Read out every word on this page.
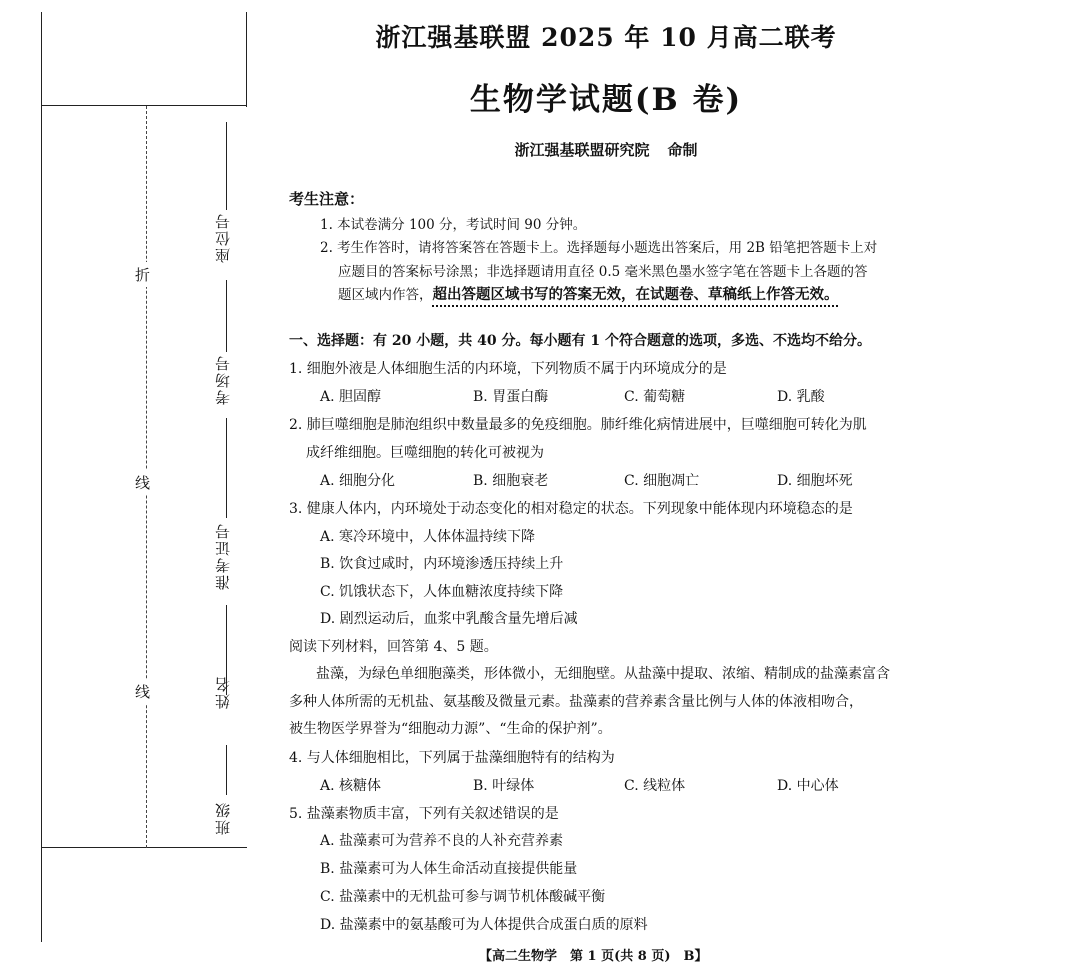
折
线
线
座位号
考场号
准考证号
姓名
班级
浙江强基联盟 2025 年 10 月高二联考
生物学试题(B 卷)
浙江强基联盟研究院 命制
考生注意：
1. 本试卷满分 100 分，考试时间 90 分钟。
2. 考生作答时，请将答案答在答题卡上。选择题每小题选出答案后，用 2B 铅笔把答题卡上对
应题目的答案标号涂黑；非选择题请用直径 0.5 毫米黑色墨水签字笔在答题卡上各题的答
题区域内作答，超出答题区域书写的答案无效，在试题卷、草稿纸上作答无效。
一、选择题：有 20 小题，共 40 分。每小题有 1 个符合题意的选项，多选、不选均不给分。
1. 细胞外液是人体细胞生活的内环境，下列物质不属于内环境成分的是
A. 胆固醇	B. 胃蛋白酶	C. 葡萄糖	D. 乳酸
2. 肺巨噬细胞是肺泡组织中数量最多的免疫细胞。肺纤维化病情进展中，巨噬细胞可转化为肌
成纤维细胞。巨噬细胞的转化可被视为
A. 细胞分化	B. 细胞衰老	C. 细胞凋亡	D. 细胞坏死
3. 健康人体内，内环境处于动态变化的相对稳定的状态。下列现象中能体现内环境稳态的是
A. 寒冷环境中，人体体温持续下降
B. 饮食过咸时，内环境渗透压持续上升
C. 饥饿状态下，人体血糖浓度持续下降
D. 剧烈运动后，血浆中乳酸含量先增后减
阅读下列材料，回答第 4、5 题。
盐藻，为绿色单细胞藻类，形体微小，无细胞壁。从盐藻中提取、浓缩、精制成的盐藻素富含
多种人体所需的无机盐、氨基酸及微量元素。盐藻素的营养素含量比例与人体的体液相吻合，
被生物医学界誉为“细胞动力源”、“生命的保护剂”。
4. 与人体细胞相比，下列属于盐藻细胞特有的结构为
A. 核糖体	B. 叶绿体	C. 线粒体	D. 中心体
5. 盐藻素物质丰富，下列有关叙述错误的是
A. 盐藻素可为营养不良的人补充营养素
B. 盐藻素可为人体生命活动直接提供能量
C. 盐藻素中的无机盐可参与调节机体酸碱平衡
D. 盐藻素中的氨基酸可为人体提供合成蛋白质的原料
【高二生物学　第 1 页(共 8 页)　B】
